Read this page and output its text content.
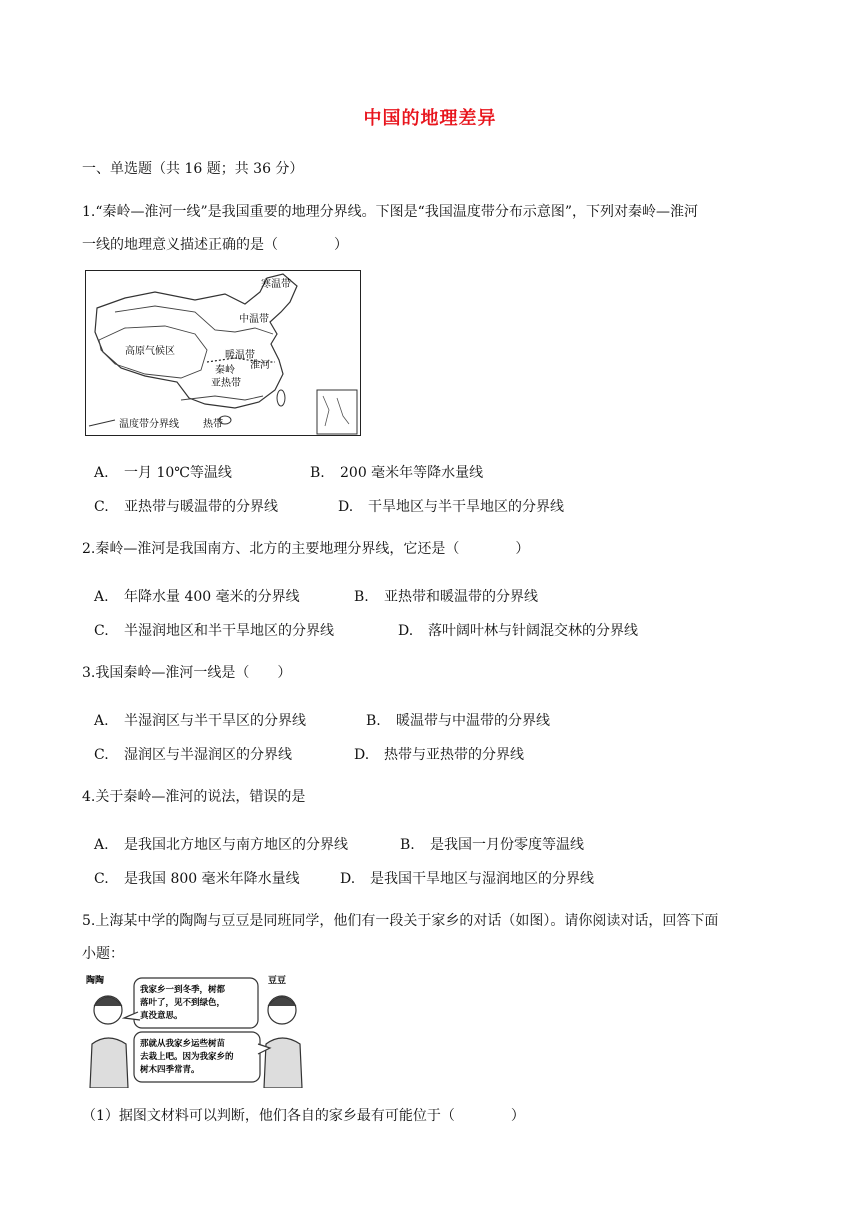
中国的地理差异
一、单选题（共 16 题；共 36 分）
1.“秦岭—淮河一线”是我国重要的地理分界线。下图是“我国温度带分布示意图”，下列对秦岭—淮河
一线的地理意义描述正确的是（　　　　）
寒温带
中温带
高原气候区	暖温带
淮河
秦岭
亚热带
温度带分界线 热带
A. 一月 10℃等温线	B. 200 毫米年等降水量线
C. 亚热带与暖温带的分界线	D. 干旱地区与半干旱地区的分界线
2.秦岭—淮河是我国南方、北方的主要地理分界线，它还是（　　　　）
A. 年降水量 400 毫米的分界线	B. 亚热带和暖温带的分界线
C. 半湿润地区和半干旱地区的分界线	D. 落叶阔叶林与针阔混交林的分界线
3.我国秦岭—淮河一线是（　　）
A. 半湿润区与半干旱区的分界线	B. 暖温带与中温带的分界线
C. 湿润区与半湿润区的分界线	D. 热带与亚热带的分界线
4.关于秦岭—淮河的说法，错误的是
A. 是我国北方地区与南方地区的分界线	B. 是我国一月份零度等温线
C. 是我国 800 毫米年降水量线	D. 是我国干旱地区与湿润地区的分界线
5.上海某中学的陶陶与豆豆是同班同学，他们有一段关于家乡的对话（如图）。请你阅读对话，回答下面
小题：
陶陶	豆豆
我家乡一到冬季，树都
落叶了，见不到绿色，
真没意思。
那就从我家乡运些树苗
去栽上吧。因为我家乡的
树木四季常青。
（1）据图文材料可以判断，他们各自的家乡最有可能位于（　　　　）
